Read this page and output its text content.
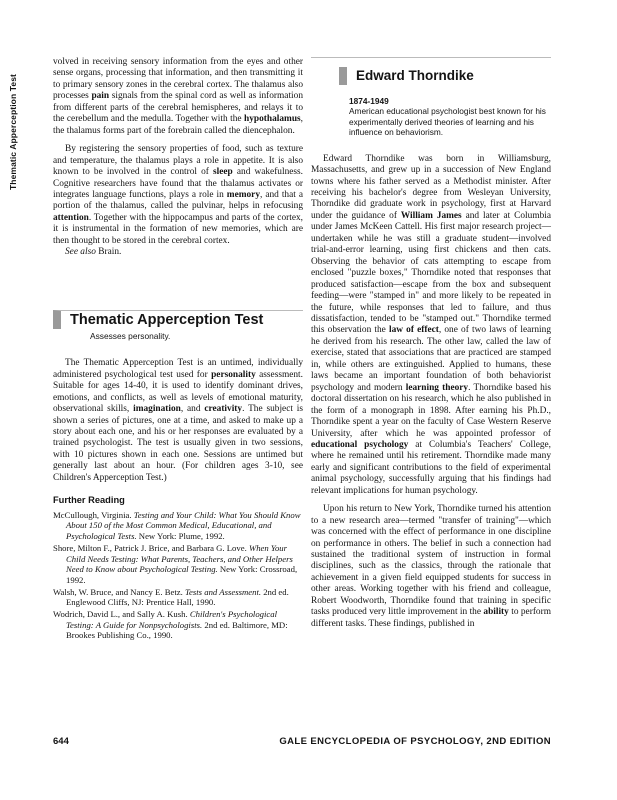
Thematic Apperception Test

volved in receiving sensory information from the eyes and other sense organs, processing that information, and then transmitting it to primary sensory zones in the cerebral cortex. The thalamus also processes pain signals from the spinal cord as well as information from different parts of the cerebral hemispheres, and relays it to the cerebellum and the medulla. Together with the hypothalamus, the thalamus forms part of the forebrain called the diencephalon.

By registering the sensory properties of food, such as texture and temperature, the thalamus plays a role in appetite. It is also known to be involved in the control of sleep and wakefulness. Cognitive researchers have found that the thalamus activates or integrates language functions, plays a role in memory, and that a portion of the thalamus, called the pulvinar, helps in refocusing attention. Together with the hippocampus and parts of the cortex, it is instrumental in the formation of new memories, which are then thought to be stored in the cerebral cortex.

See also Brain.

Thematic Apperception Test
Assesses personality.

The Thematic Apperception Test is an untimed, individually administered psychological test used for personality assessment. Suitable for ages 14-40, it is used to identify dominant drives, emotions, and conflicts, as well as levels of emotional maturity, observational skills, imagination, and creativity. The subject is shown a series of pictures, one at a time, and asked to make up a story about each one, and his or her responses are evaluated by a trained psychologist. The test is usually given in two sessions, with 10 pictures shown in each one. Sessions are untimed but generally last about an hour. (For children ages 3-10, see Children's Apperception Test.)

Further Reading

McCullough, Virginia. Testing and Your Child: What You Should Know About 150 of the Most Common Medical, Educational, and Psychological Tests. New York: Plume, 1992.

Shore, Milton F., Patrick J. Brice, and Barbara G. Love. When Your Child Needs Testing: What Parents, Teachers, and Other Helpers Need to Know about Psychological Testing. New York: Crossroad, 1992.

Walsh, W. Bruce, and Nancy E. Betz. Tests and Assessment. 2nd ed. Englewood Cliffs, NJ: Prentice Hall, 1990.

Wodrich, David L., and Sally A. Kush. Children's Psychological Testing: A Guide for Nonpsychologists. 2nd ed. Baltimore, MD: Brookes Publishing Co., 1990.

Edward Thorndike
1874-1949
American educational psychologist best known for his experimentally derived theories of learning and his influence on behaviorism.

Edward Thorndike was born in Williamsburg, Massachusetts, and grew up in a succession of New England towns where his father served as a Methodist minister. After receiving his bachelor's degree from Wesleyan University, Thorndike did graduate work in psychology, first at Harvard under the guidance of William James and later at Columbia under James McKeen Cattell. His first major research project—undertaken while he was still a graduate student—involved trial-and-error learning, using first chickens and then cats. Observing the behavior of cats attempting to escape from enclosed "puzzle boxes," Thorndike noted that responses that produced satisfaction—escape from the box and subsequent feeding—were "stamped in" and more likely to be repeated in the future, while responses that led to failure, and thus dissatisfaction, tended to be "stamped out." Thorndike termed this observation the law of effect, one of two laws of learning he derived from his research. The other law, called the law of exercise, stated that associations that are practiced are stamped in, while others are extinguished. Applied to humans, these laws became an important foundation of both behaviorist psychology and modern learning theory. Thorndike based his doctoral dissertation on his research, which he also published in the form of a monograph in 1898. After earning his Ph.D., Thorndike spent a year on the faculty of Case Western Reserve University, after which he was appointed professor of educational psychology at Columbia's Teachers' College, where he remained until his retirement. Thorndike made many early and significant contributions to the field of experimental animal psychology, successfully arguing that his findings had relevant implications for human psychology.

Upon his return to New York, Thorndike turned his attention to a new research area—termed "transfer of training"—which was concerned with the effect of performance in one discipline on performance in others. The belief in such a connection had sustained the traditional system of instruction in formal disciplines, such as the classics, through the rationale that achievement in a given field equipped students for success in other areas. Working together with his friend and colleague, Robert Woodworth, Thorndike found that training in specific tasks produced very little improvement in the ability to perform different tasks. These findings, published in

644	GALE ENCYCLOPEDIA OF PSYCHOLOGY, 2ND EDITION
